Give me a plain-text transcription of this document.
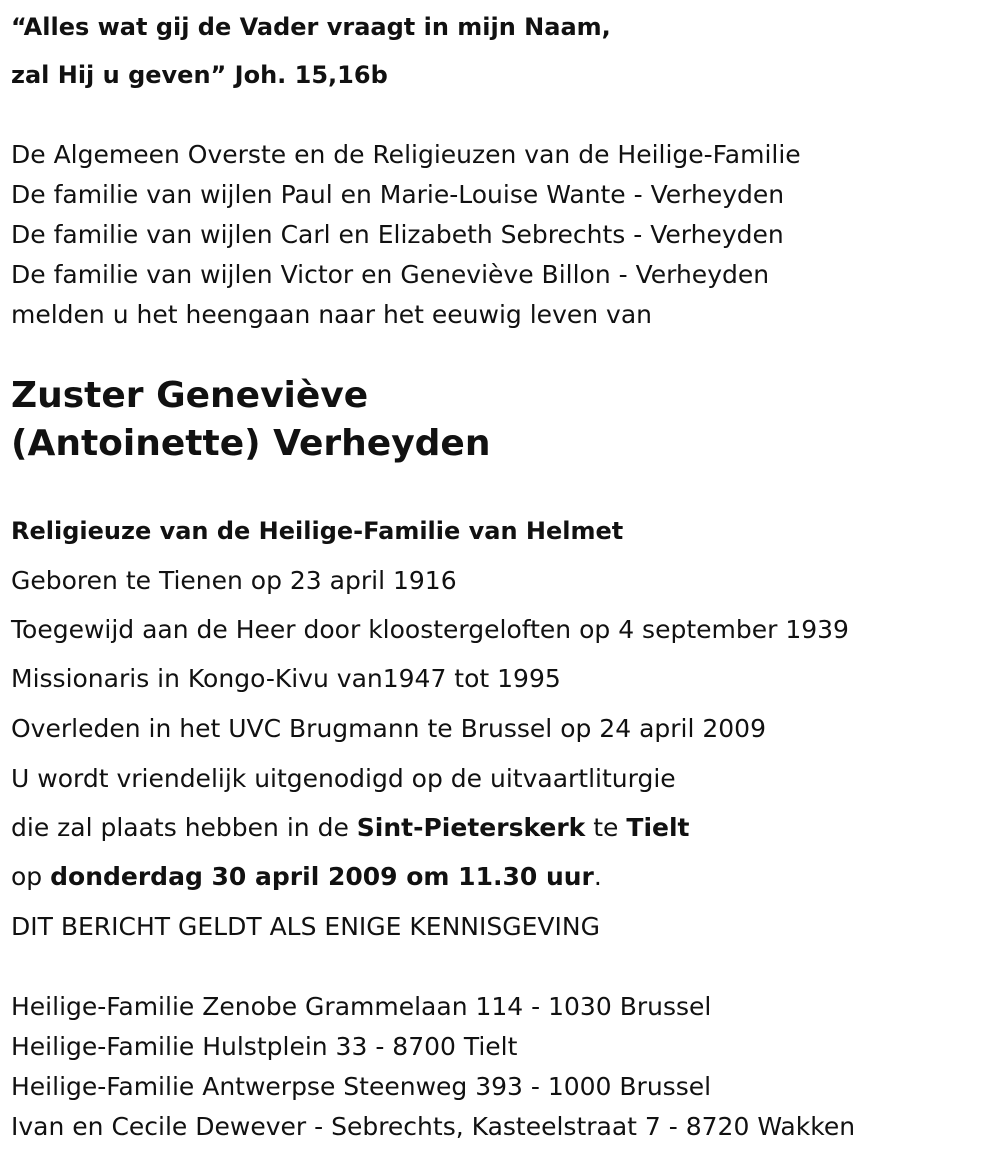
“Alles wat gij de Vader vraagt in mijn Naam,
zal Hij u geven” Joh. 15,16b
De Algemeen Overste en de Religieuzen van de Heilige-Familie
De familie van wijlen Paul en Marie-Louise Wante - Verheyden
De familie van wijlen Carl en Elizabeth Sebrechts - Verheyden
De familie van wijlen Victor en Geneviève Billon - Verheyden
melden u het heengaan naar het eeuwig leven van
Zuster Geneviève
(Antoinette) Verheyden
Religieuze van de Heilige-Familie van Helmet
Geboren te Tienen op 23 april 1916
Toegewijd aan de Heer door kloostergeloften op 4 september 1939
Missionaris in Kongo-Kivu van1947 tot 1995
Overleden in het UVC Brugmann te Brussel op 24 april 2009
U wordt vriendelijk uitgenodigd op de uitvaartliturgie
die zal plaats hebben in de Sint-Pieterskerk te Tielt
op donderdag 30 april 2009 om 11.30 uur.
DIT BERICHT GELDT ALS ENIGE KENNISGEVING
Heilige-Familie Zenobe Grammelaan 114 - 1030 Brussel
Heilige-Familie Hulstplein 33 - 8700 Tielt
Heilige-Familie Antwerpse Steenweg 393 - 1000 Brussel
Ivan en Cecile Dewever - Sebrechts, Kasteelstraat 7 - 8720 Wakken
